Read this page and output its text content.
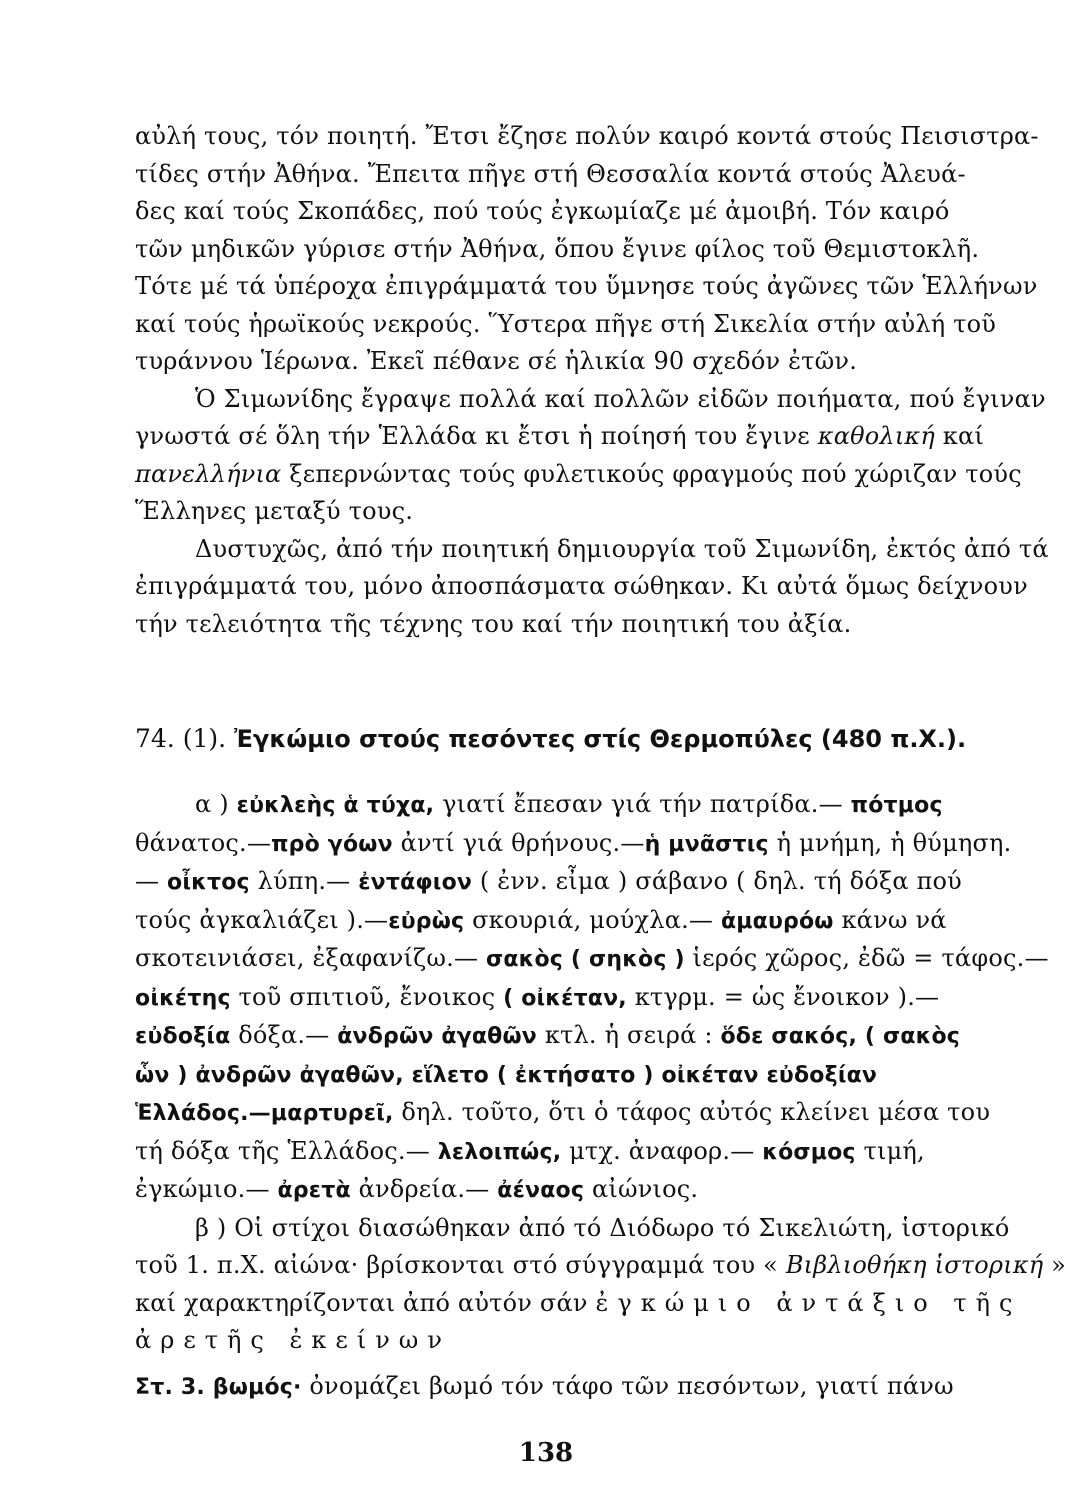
αὐλή τους, τόν ποιητή. Ἔτσι ἔζησε πολύν καιρό κοντά στούς Πεισιστρα-
τίδες στήν Ἀθήνα. Ἔπειτα πῆγε στή Θεσσαλία κοντά στούς Ἀλευά-
δες καί τούς Σκοπάδες, πού τούς ἐγκωμίαζε μέ ἀμοιβή. Τόν καιρό
τῶν μηδικῶν γύρισε στήν Ἀθήνα, ὅπου ἔγινε φίλος τοῦ Θεμιστοκλῆ.
Τότε μέ τά ὑπέροχα ἐπιγράμματά του ὕμνησε τούς ἀγῶνες τῶν Ἑλλήνων
καί τούς ἡρωϊκούς νεκρούς. Ὕστερα πῆγε στή Σικελία στήν αὐλή τοῦ
τυράννου Ἱέρωνα. Ἐκεῖ πέθανε σέ ἡλικία 90 σχεδόν ἐτῶν.
Ὁ Σιμωνίδης ἔγραψε πολλά καί πολλῶν εἰδῶν ποιήματα, πού ἔγιναν
γνωστά σέ ὅλη τήν Ἑλλάδα κι ἔτσι ἡ ποίησή του ἔγινε καθολική καί
πανελλήνια ξεπερνώντας τούς φυλετικούς φραγμούς πού χώριζαν τούς
Ἕλληνες μεταξύ τους.
Δυστυχῶς, ἀπό τήν ποιητική δημιουργία τοῦ Σιμωνίδη, ἐκτός ἀπό τά
ἐπιγράμματά του, μόνο ἀποσπάσματα σώθηκαν. Κι αὐτά ὅμως δείχνουν
τήν τελειότητα τῆς τέχνης του καί τήν ποιητική του ἀξία.
74. (1). Ἐγκώμιο στούς πεσόντες στίς Θερμοπύλες (480 π.Χ.).
α ) εὐκλεὴς ἁ τύχα, γιατί ἔπεσαν γιά τήν πατρίδα.— πότμος
θάνατος.—πρὸ γόων ἀντί γιά θρήνους.—ἡ μνᾶστις ἡ μνήμη, ἡ θύμηση.
— οἶκτος λύπη.— ἐντάφιον ( ἐνν. εἶμα ) σάβανο ( δηλ. τή δόξα πού
τούς ἀγκαλιάζει ).—εὐρὼς σκουριά, μούχλα.— ἀμαυρόω κάνω νά
σκοτεινιάσει, ἐξαφανίζω.— σακὸς ( σηκὸς ) ἱερός χῶρος, ἐδῶ = τάφος.—
οἰκέτης τοῦ σπιτιοῦ, ἔνοικος ( οἰκέταν, κτγρμ. = ὡς ἔνοικον ).—
εὐδοξία δόξα.— ἀνδρῶν ἀγαθῶν κτλ. ἡ σειρά : ὅδε σακός, ( σακὸς
ὧν ) ἀνδρῶν ἀγαθῶν, εἵλετο ( ἐκτήσατο ) οἰκέταν εὐδοξίαν
Ἑλλάδος.—μαρτυρεῖ, δηλ. τοῦτο, ὅτι ὁ τάφος αὐτός κλείνει μέσα του
τή δόξα τῆς Ἑλλάδος.— λελοιπώς, μτχ. ἀναφορ.— κόσμος τιμή,
ἐγκώμιο.— ἀρετὰ ἀνδρεία.— ἀέναος αἰώνιος.
β ) Οἱ στίχοι διασώθηκαν ἀπό τό Διόδωρο τό Σικελιώτη, ἱστορικό
τοῦ 1. π.Χ. αἰώνα· βρίσκονται στό σύγγραμμά του « Βιβλιοθήκη ἱστορική »
καί χαρακτηρίζονται ἀπό αὐτόν σάν ἐγκώμιο ἀντάξιο τῆς
ἀρετῆς ἐκείνων
Στ. 3. βωμός· ὀνομάζει βωμό τόν τάφο τῶν πεσόντων, γιατί πάνω
138
